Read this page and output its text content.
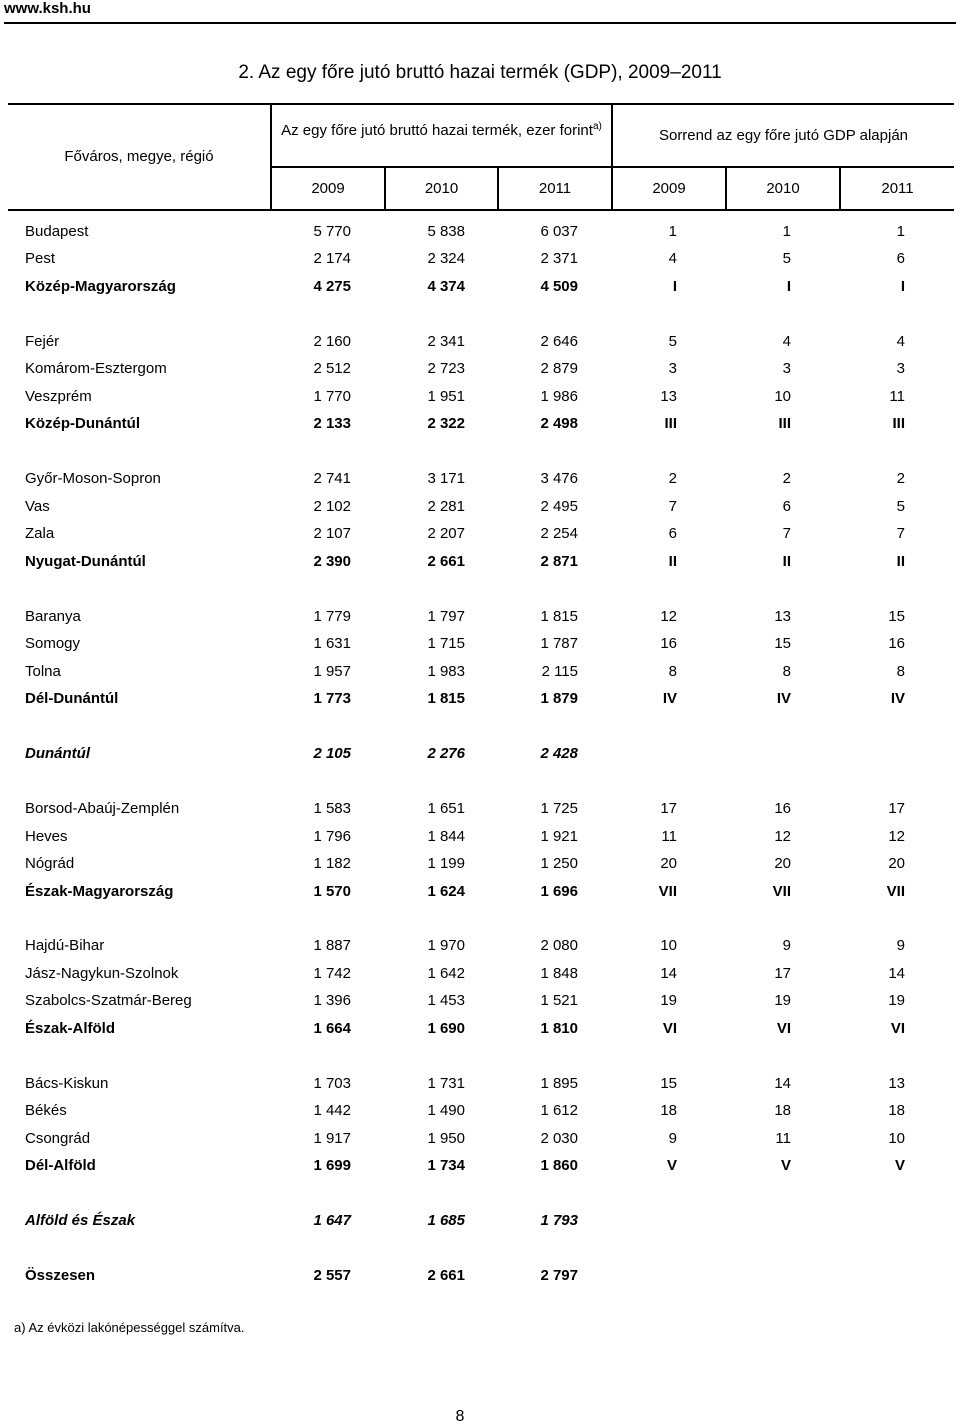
www.ksh.hu
2. Az egy főre jutó bruttó hazai termék (GDP), 2009–2011
Főváros, megye, régió
Az egy főre jutó bruttó hazai termék, ezer forint$^{a)}$
Sorrend az egy főre jutó GDP alapján
2009	2010	2011	2009	2010	2011
Budapest	5 770	5 838	6 037	1	1	1
Pest	2 174	2 324	2 371	4	5	6
Közép-Magyarország	4 275	4 374	4 509	I	I	I
Fejér	2 160	2 341	2 646	5	4	4
Komárom-Esztergom	2 512	2 723	2 879	3	3	3
Veszprém	1 770	1 951	1 986	13	10	11
Közép-Dunántúl	2 133	2 322	2 498	III	III	III
Győr-Moson-Sopron	2 741	3 171	3 476	2	2	2
Vas	2 102	2 281	2 495	7	6	5
Zala	2 107	2 207	2 254	6	7	7
Nyugat-Dunántúl	2 390	2 661	2 871	II	II	II
Baranya	1 779	1 797	1 815	12	13	15
Somogy	1 631	1 715	1 787	16	15	16
Tolna	1 957	1 983	2 115	8	8	8
Dél-Dunántúl	1 773	1 815	1 879	IV	IV	IV
Dunántúl	2 105	2 276	2 428
Borsod-Abaúj-Zemplén	1 583	1 651	1 725	17	16	17
Heves	1 796	1 844	1 921	11	12	12
Nógrád	1 182	1 199	1 250	20	20	20
Észak-Magyarország	1 570	1 624	1 696	VII	VII	VII
Hajdú-Bihar	1 887	1 970	2 080	10	9	9
Jász-Nagykun-Szolnok	1 742	1 642	1 848	14	17	14
Szabolcs-Szatmár-Bereg	1 396	1 453	1 521	19	19	19
Észak-Alföld	1 664	1 690	1 810	VI	VI	VI
Bács-Kiskun	1 703	1 731	1 895	15	14	13
Békés	1 442	1 490	1 612	18	18	18
Csongrád	1 917	1 950	2 030	9	11	10
Dél-Alföld	1 699	1 734	1 860	V	V	V
Alföld és Észak	1 647	1 685	1 793
Összesen	2 557	2 661	2 797
a) Az évközi lakónépességgel számítva.
8
